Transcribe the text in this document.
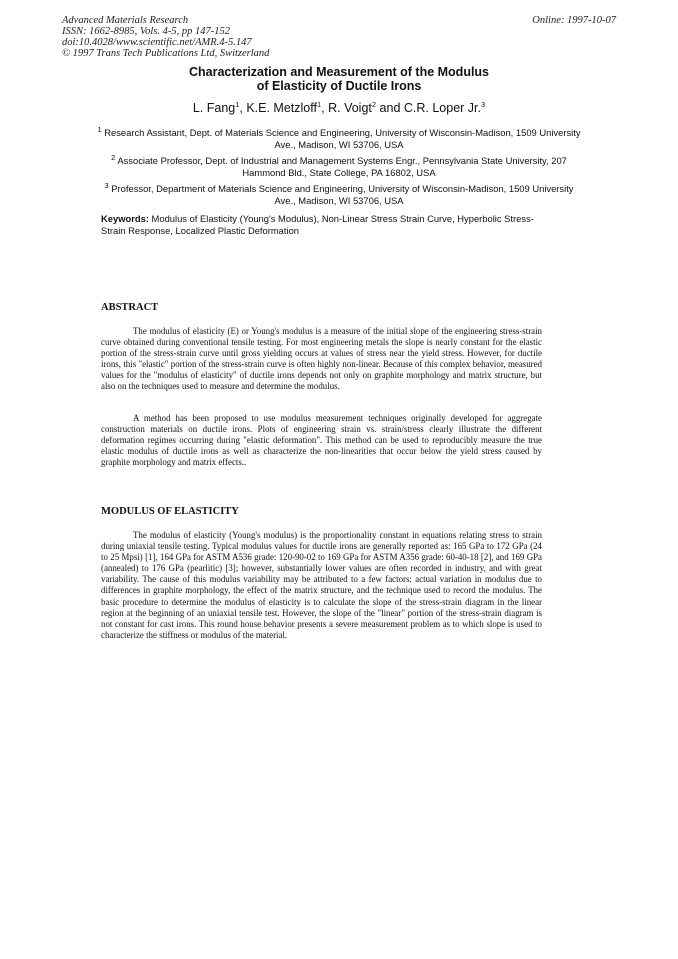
Advanced Materials Research
ISSN: 1662-8985, Vols. 4-5, pp 147-152
doi:10.4028/www.scientific.net/AMR.4-5.147
© 1997 Trans Tech Publications Ltd, Switzerland
Online: 1997-10-07
Characterization and Measurement of the Modulus
of Elasticity of Ductile Irons
L. Fang$^1$, K.E. Metzloff$^1$, R. Voigt$^2$ and C.R. Loper Jr.$^3$
$^1$ Research Assistant, Dept. of Materials Science and Engineering, University of Wisconsin-Madison, 1509 University Ave., Madison, WI 53706, USA
$^2$ Associate Professor, Dept. of Industrial and Management Systems Engr., Pennsylvania State University, 207 Hammond Bld., State College, PA 16802, USA
$^3$ Professor, Department of Materials Science and Engineering, University of Wisconsin-Madison, 1509 University Ave., Madison, WI 53706, USA
Keywords: Modulus of Elasticity (Young's Modulus), Non-Linear Stress Strain Curve, Hyperbolic Stress-Strain Response, Localized Plastic Deformation
ABSTRACT
The modulus of elasticity (E) or Young's modulus is a measure of the initial slope of the engineering stress-strain curve obtained during conventional tensile testing. For most engineering metals the slope is nearly constant for the elastic portion of the stress-strain curve until gross yielding occurs at values of stress near the yield stress. However, for ductile irons, this "elastic" portion of the stress-strain curve is often highly non-linear. Because of this complex behavior, measured values for the "modulus of elasticity" of ductile irons depends not only on graphite morphology and matrix structure, but also on the techniques used to measure and determine the modulus.
A method has been proposed to use modulus measurement techniques originally developed for aggregate construction materials on ductile irons. Plots of engineering strain vs. strain/stress clearly illustrate the different deformation regimes occurring during "elastic deformation". This method can be used to reproducibly measure the true elastic modulus of ductile irons as well as characterize the non-linearities that occur below the yield stress caused by graphite morphology and matrix effects..
MODULUS OF ELASTICITY
The modulus of elasticity (Young's modulus) is the proportionality constant in equations relating stress to strain during uniaxial tensile testing. Typical modulus values for ductile irons are generally reported as: 165 GPa to 172 GPa (24 to 25 Mpsi) [1], 164 GPa for ASTM A536 grade: 120-90-02 to 169 GPa for ASTM A356 grade: 60-40-18 [2], and 169 GPa (annealed) to 176 GPa (pearlitic) [3]; however, substantially lower values are often recorded in industry, and with great variability. The cause of this modulus variability may be attributed to a few factors: actual variation in modulus due to differences in graphite morphology, the effect of the matrix structure, and the technique used to record the modulus. The basic procedure to determine the modulus of elasticity is to calculate the slope of the stress-strain diagram in the linear region at the beginning of an uniaxial tensile test. However, the slope of the "linear" portion of the stress-strain diagram is not constant for cast irons. This round house behavior presents a severe measurement problem as to which slope is used to characterize the stiffness or modulus of the material.
